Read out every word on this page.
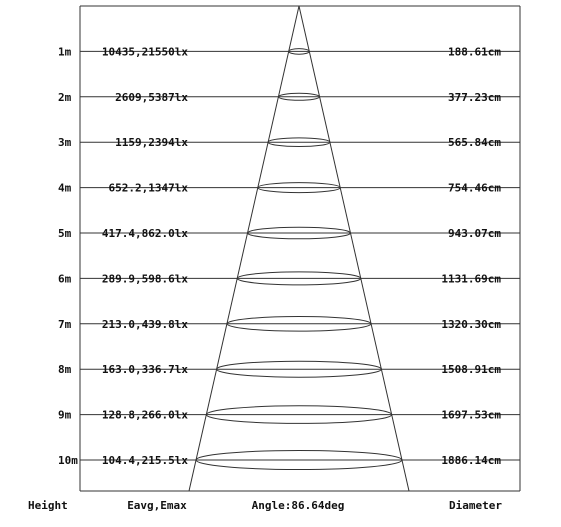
1m	10435,21550lx	188.61cm
2m	2609,5387lx	377.23cm
3m	1159,2394lx	565.84cm
4m	652.2,1347lx	754.46cm
5m	417.4,862.0lx	943.07cm
6m	289.9,598.6lx	1131.69cm
7m	213.0,439.8lx	1320.30cm
8m	163.0,336.7lx	1508.91cm
9m	128.8,266.0lx	1697.53cm
10m 104.4,215.5lx	1886.14cm
Height	Eavg,Emax	Angle:86.64deg	Diameter
